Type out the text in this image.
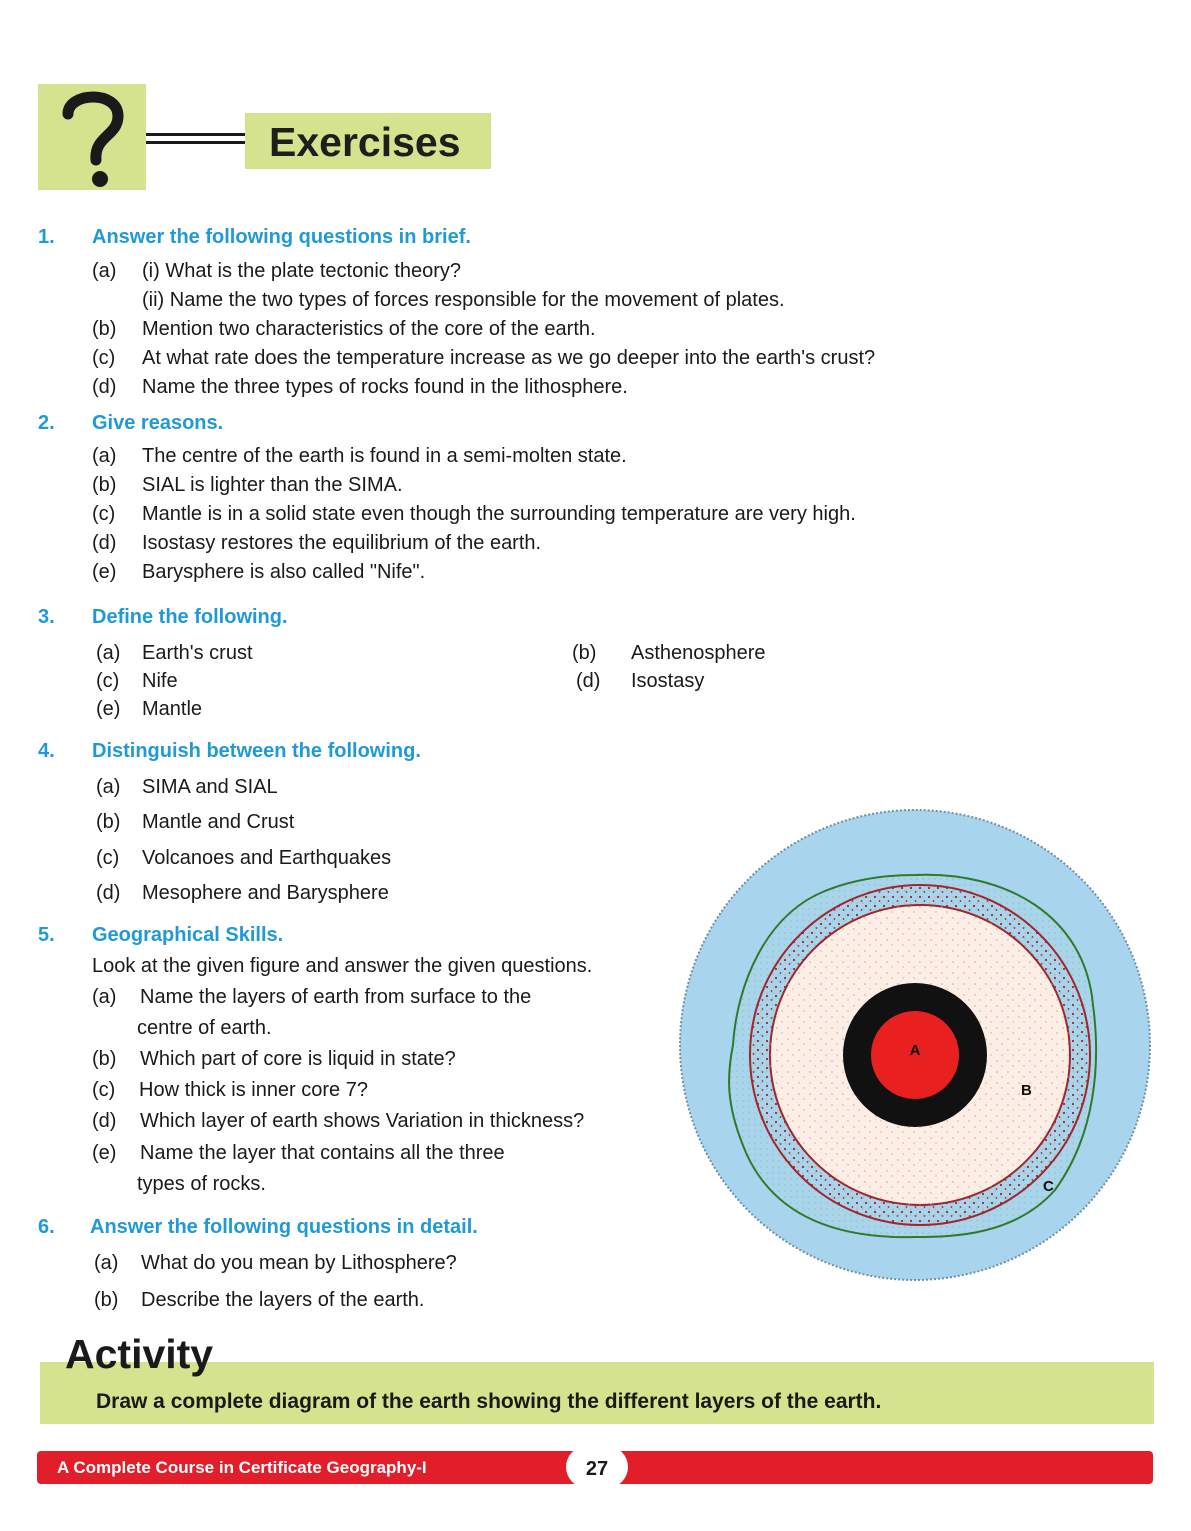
Exercises
1. Answer the following questions in brief.
(a) (i) What is the plate tectonic theory?
(ii) Name the two types of forces responsible for the movement of plates.
(b) Mention two characteristics of the core of the earth.
(c) At what rate does the temperature increase as we go deeper into the earth's crust?
(d) Name the three types of rocks found in the lithosphere.
2. Give reasons.
(a) The centre of the earth is found in a semi-molten state.
(b) SIAL is lighter than the SIMA.
(c) Mantle is in a solid state even though the surrounding temperature are very high.
(d) Isostasy restores the equilibrium of the earth.
(e) Barysphere is also called "Nife".
3. Define the following.
(a) Earth's crust	(b) Asthenosphere
(c) Nife	(d) Isostasy
(e) Mantle
4. Distinguish between the following.
(a) SIMA and SIAL
(b) Mantle and Crust
(c) Volcanoes and Earthquakes
(d) Mesophere and Barysphere
5. Geographical Skills.
Look at the given figure and answer the given questions.
(a) Name the layers of earth from surface to the
centre of earth.
(b) Which part of core is liquid in state?
(c) How thick is inner core 7?
(d) Which layer of earth shows Variation in thickness?
(e) Name the layer that contains all the three
types of rocks.
6. Answer the following questions in detail.
(a) What do you mean by Lithosphere?
(b) Describe the layers of the earth.
A
B
C
Activity
Draw a complete diagram of the earth showing the different layers of the earth.
A Complete Course in Certificate Geography-I	27
